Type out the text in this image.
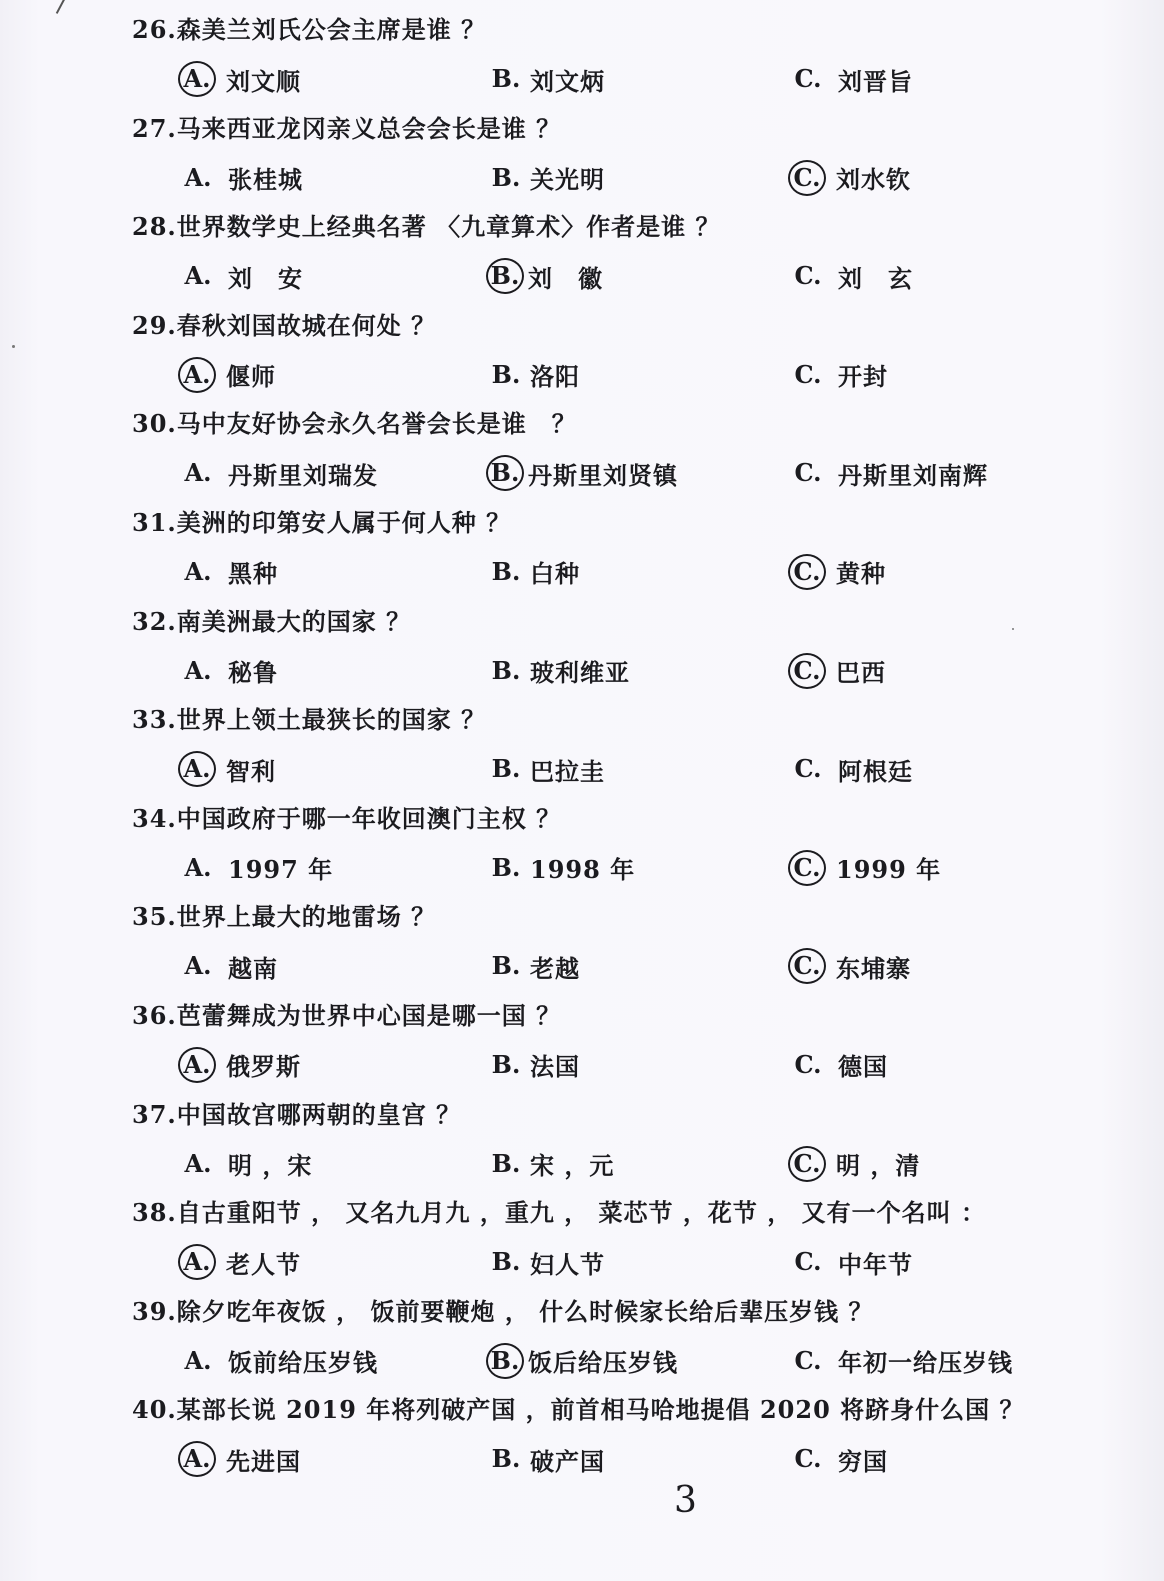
26.森美兰刘氏公会主席是谁 ？
A. 刘文顺	B. 刘文炳	C. 刘晋旨
27.马来西亚龙冈亲义总会会长是谁 ？
A. 张桂城	B. 关光明	C. 刘水钦
28.世界数学史上经典名著 〈九章算术〉作者是谁 ？
A. 刘　安	B. 刘　徽	C. 刘　玄
29.春秋刘国故城在何处 ？
A. 偃师	B. 洛阳	C. 开封
30.马中友好协会永久名誉会长是谁　？
A. 丹斯里刘瑞发	B. 丹斯里刘贤镇	C. 丹斯里刘南辉
31.美洲的印第安人属于何人种 ？
A. 黑种	B. 白种	C. 黄种
32.南美洲最大的国家 ？
A. 秘鲁	B. 玻利维亚	C. 巴西
33.世界上领土最狭长的国家 ？
A. 智利	B. 巴拉圭	C. 阿根廷
34.中国政府于哪一年收回澳门主权 ？
A. 1997 年	B. 1998 年	C. 1999 年
35.世界上最大的地雷场 ？
A. 越南	B. 老越	C. 东埔寨
36.芭蕾舞成为世界中心国是哪一国 ？
A. 俄罗斯	B. 法国	C. 德国
37.中国故宫哪两朝的皇宫 ？
A. 明 ，宋	B. 宋 ，元	C. 明 ，清
38.自古重阳节 ， 又名九月九 ，重九 ， 菜芯节 ，花节 ， 又有一个名叫 ：
A. 老人节	B. 妇人节	C. 中年节
39.除夕吃年夜饭 ， 饭前要鞭炮 ， 什么时候家长给后辈压岁钱 ？
A. 饭前给压岁钱	B. 饭后给压岁钱	C. 年初一给压岁钱
40.某部长说 2019 年将列破产国 ，前首相马哈地提倡 2020 将跻身什么国 ？
A. 先进国	B. 破产国	C. 穷国
3
